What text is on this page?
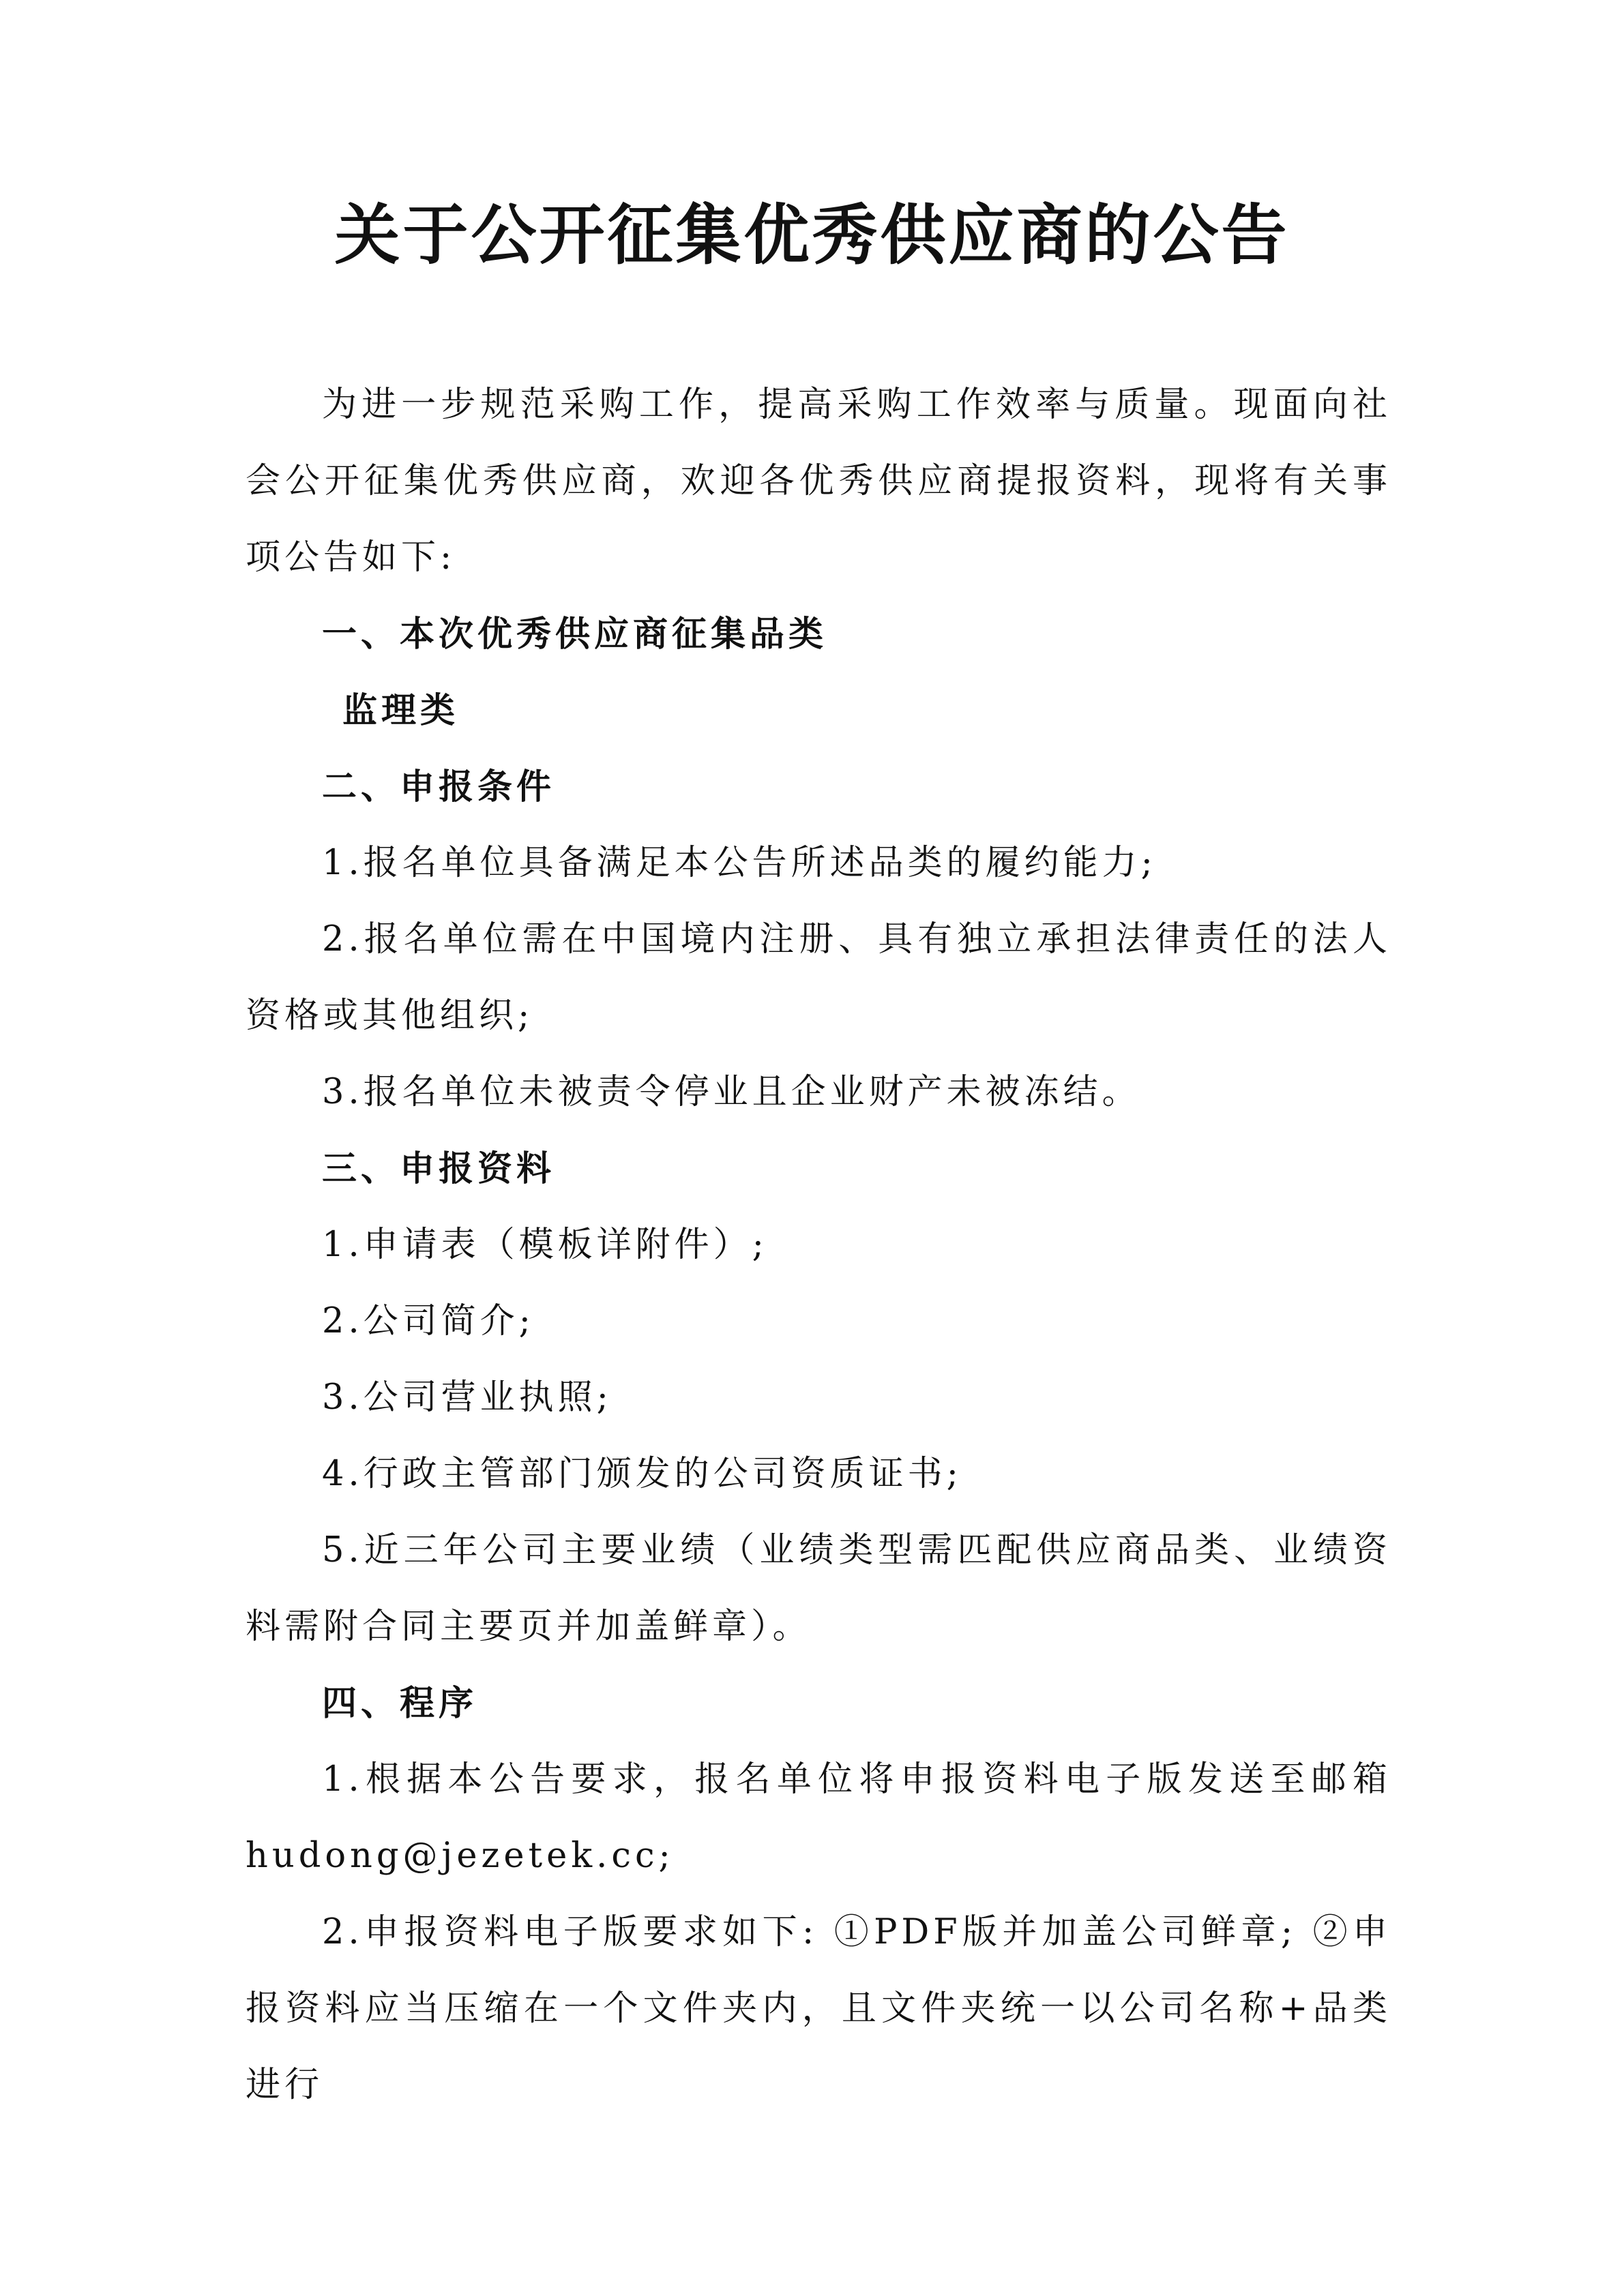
关于公开征集优秀供应商的公告

为进一步规范采购工作，提高采购工作效率与质量。现面向社会公开征集优秀供应商，欢迎各优秀供应商提报资料，现将有关事项公告如下:

一、本次优秀供应商征集品类

监理类

二、申报条件

1.报名单位具备满足本公告所述品类的履约能力;

2.报名单位需在中国境内注册、具有独立承担法律责任的法人资格或其他组织;

3.报名单位未被责令停业且企业财产未被冻结。

三、申报资料

1.申请表（模板详附件）;

2.公司简介;

3.公司营业执照;

4.行政主管部门颁发的公司资质证书;

5.近三年公司主要业绩（业绩类型需匹配供应商品类、业绩资料需附合同主要页并加盖鲜章）。

四、程序

1.根据本公告要求，报名单位将申报资料电子版发送至邮箱 hudong@jezetek.cc;

2.申报资料电子版要求如下: ①PDF版并加盖公司鲜章; ②申报资料应当压缩在一个文件夹内，且文件夹统一以公司名称+品类进行
